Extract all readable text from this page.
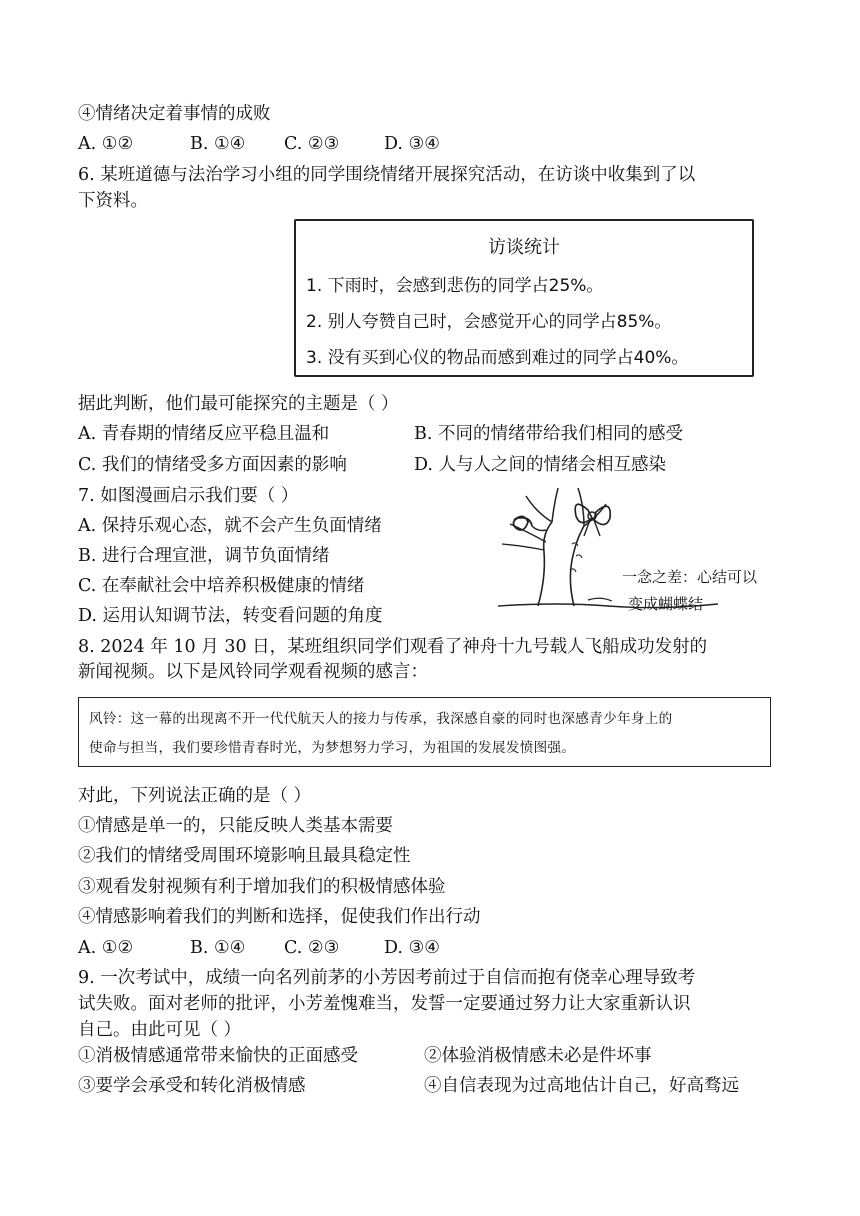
④情绪决定着事情的成败
A. ①②	B. ①④ C. ②③	D. ③④
6. 某班道德与法治学习小组的同学围绕情绪开展探究活动，在访谈中收集到了以
下资料。
访谈统计
1. 下雨时，会感到悲伤的同学占25%。
2. 别人夸赞自己时，会感觉开心的同学占85%。
3. 没有买到心仪的物品而感到难过的同学占40%。
据此判断，他们最可能探究的主题是（ ）
A. 青春期的情绪反应平稳且温和	B. 不同的情绪带给我们相同的感受
C. 我们的情绪受多方面因素的影响	D. 人与人之间的情绪会相互感染
7. 如图漫画启示我们要（ ）
A. 保持乐观心态，就不会产生负面情绪
B. 进行合理宣泄，调节负面情绪
C. 在奉献社会中培养积极健康的情绪
D. 运用认知调节法，转变看问题的角度
一念之差：心结可以
变成蝴蝶结
8. 2024 年 10 月 30 日，某班组织同学们观看了神舟十九号载人飞船成功发射的
新闻视频。以下是风铃同学观看视频的感言：
风铃：这一幕的出现离不开一代代航天人的接力与传承，我深感自豪的同时也深感青少年身上的
使命与担当，我们要珍惜青春时光，为梦想努力学习，为祖国的发展发愤图强。
对此，下列说法正确的是（ ）
①情感是单一的，只能反映人类基本需要
②我们的情绪受周围环境影响且最具稳定性
③观看发射视频有利于增加我们的积极情感体验
④情感影响着我们的判断和选择，促使我们作出行动
A. ①②	B. ①④ C. ②③	D. ③④
9. 一次考试中，成绩一向名列前茅的小芳因考前过于自信而抱有侥幸心理导致考
试失败。面对老师的批评，小芳羞愧难当，发誓一定要通过努力让大家重新认识
自己。由此可见（ ）
①消极情感通常带来愉快的正面感受	②体验消极情感未必是件坏事
③要学会承受和转化消极情感	④自信表现为过高地估计自己，好高骛远
